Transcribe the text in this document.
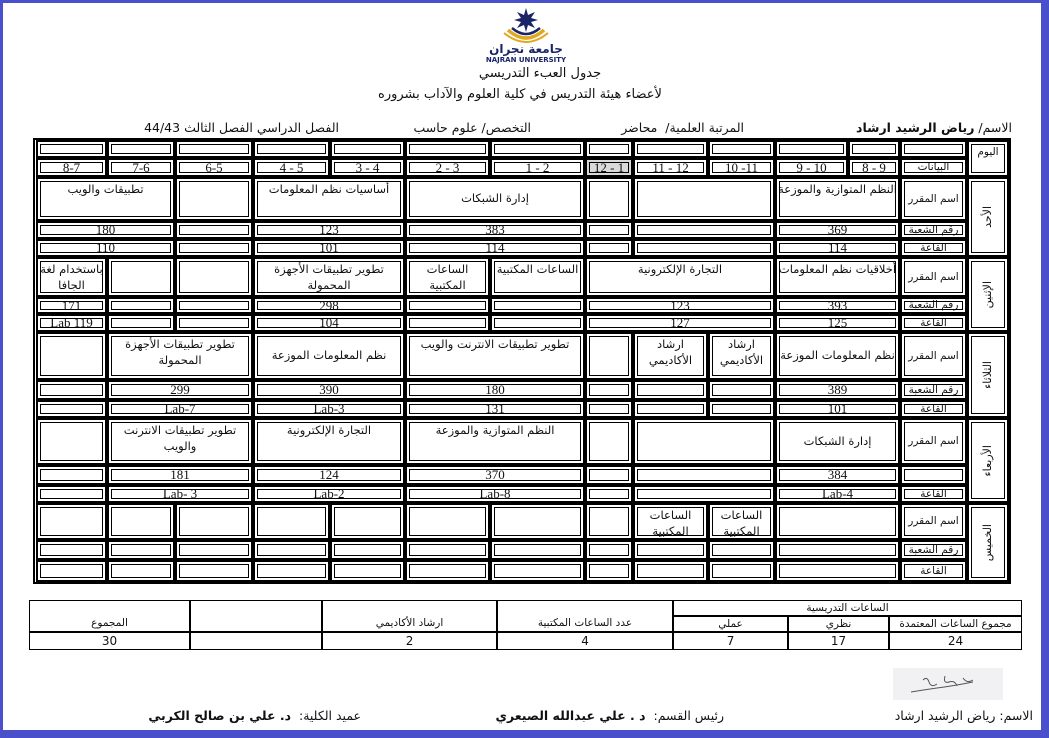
جامعة نجران
NAJRAN UNIVERSITY
جدول العبء التدريسي
لأعضاء هيئة التدريس في كلية العلوم والآداب بشروره
الاسم/ رياض الرشيد ارشاد
المرتبة العلمية/  محاضر
التخصص/ علوم حاسب
الفصل الدراسي الفصل الثالث 44/43
اليوم
البيانات
9 - 8
10 - 9
11- 10
12 - 11
1 - 12
2 - 1
3 - 2
4 - 3
5 - 4
6-5
7-6
8-7
الأحد
اسم المقرر
رقم الشعبة
القاعة
النظم المتوازية والموزعة
إدارة الشبكات
أساسيات نظم المعلومات
تطبيقات والويب
369
383
123
180
114
114
101
110
الإثنين
اسم المقرر
رقم الشعبة
القاعة
أخلاقيات نظم المعلومات
التجارة الإلكترونية
الساعات المكتبية
الساعات المكتبية
تطوير تطبيقات الأجهزة المحمولة
باستخدام لغة الجافا
393
123
298
171
125
127
104
119 Lab
الثلاثاء
اسم المقرر
رقم الشعبة
القاعة
نظم المعلومات الموزعة
ارشاد الأكاديمي
ارشاد الأكاديمي
تطوير تطبيقات الانترنت والويب
نظم المعلومات الموزعة
تطوير تطبيقات الأجهزة المحمولة
389
180
390
299
101
131
Lab-3
Lab-7
الأربعاء
اسم المقرر
القاعة
إدارة الشبكات
النظم المتوازية والموزعة
التجارة الإلكترونية
تطوير تطبيقات الانترنت والويب
384
370
124
181
Lab-4
Lab-8
Lab-2
Lab- 3
الخميس
اسم المقرر
رقم الشعبة
القاعة
الساعات المكتبية
الساعات المكتبية
الساعات التدريسية
مجموع الساعات المعتمدة
نظري
عملي
عدد الساعات المكتبية
ارشاد الأكاديمي
المجموع
24
17
7
4
2
30
الاسم: رياض الرشيد ارشاد
رئيس القسم:  د . علي عبدالله الصيعري
عميد الكلية:  د. علي بن صالح الكربي
